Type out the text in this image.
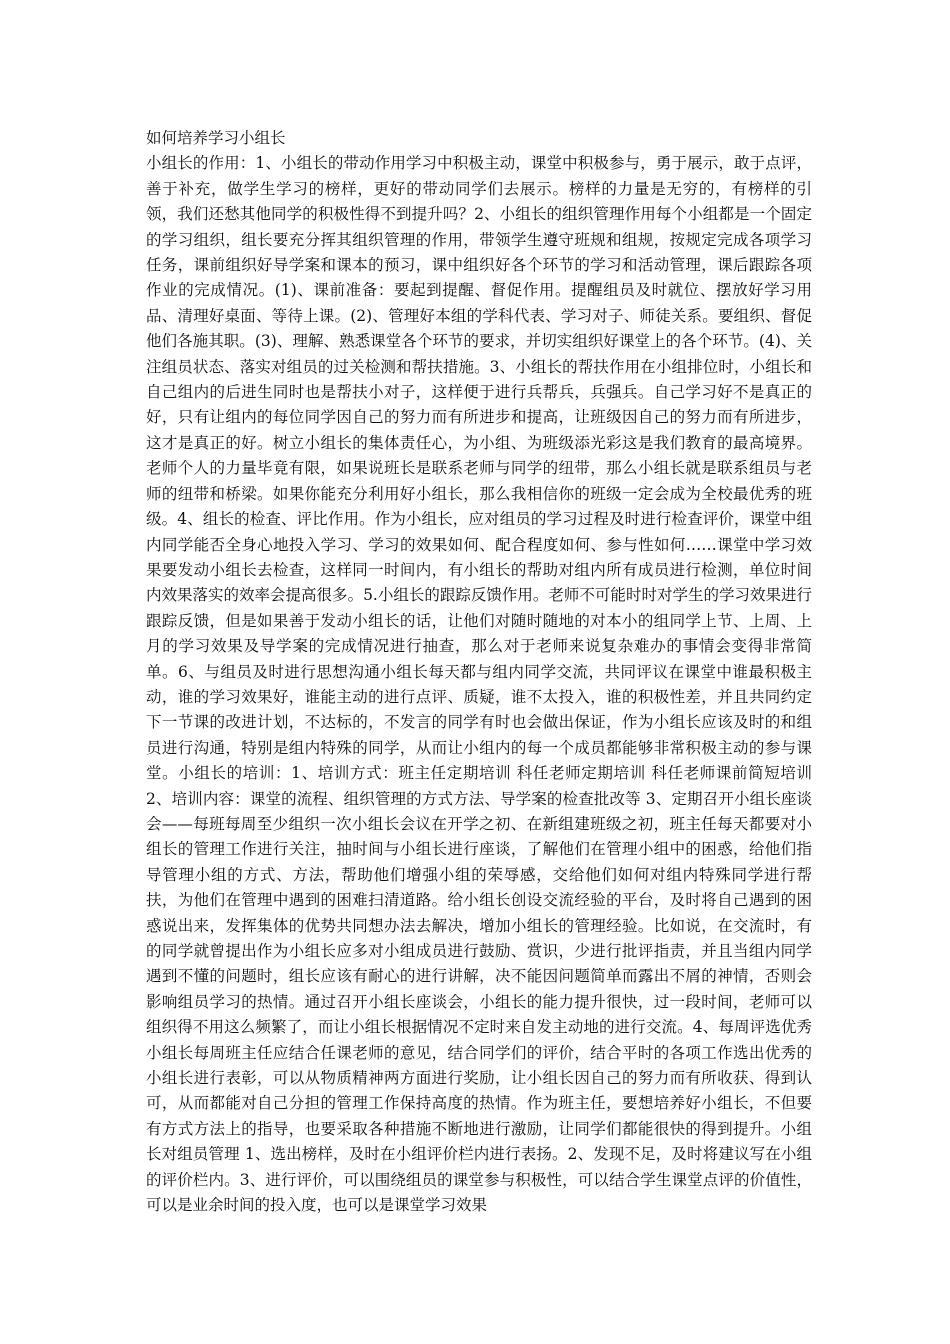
如何培养学习小组长

小组长的作用：1、小组长的带动作用学习中积极主动，课堂中积极参与，勇于展示，敢于点评，善于补充，做学生学习的榜样，更好的带动同学们去展示。榜样的力量是无穷的，有榜样的引领，我们还愁其他同学的积极性得不到提升吗？2、小组长的组织管理作用每个小组都是一个固定的学习组织，组长要充分挥其组织管理的作用，带领学生遵守班规和组规，按规定完成各项学习任务，课前组织好导学案和课本的预习，课中组织好各个环节的学习和活动管理，课后跟踪各项作业的完成情况。(1)、课前准备：要起到提醒、督促作用。提醒组员及时就位、摆放好学习用品、清理好桌面、等待上课。(2)、管理好本组的学科代表、学习对子、师徒关系。要组织、督促他们各施其职。(3)、理解、熟悉课堂各个环节的要求，并切实组织好课堂上的各个环节。(4)、关注组员状态、落实对组员的过关检测和帮扶措施。3、小组长的帮扶作用在小组排位时，小组长和自己组内的后进生同时也是帮扶小对子，这样便于进行兵帮兵，兵强兵。自己学习好不是真正的好，只有让组内的每位同学因自己的努力而有所进步和提高，让班级因自己的努力而有所进步，这才是真正的好。树立小组长的集体责任心，为小组、为班级添光彩这是我们教育的最高境界。老师个人的力量毕竟有限，如果说班长是联系老师与同学的纽带，那么小组长就是联系组员与老师的纽带和桥梁。如果你能充分利用好小组长，那么我相信你的班级一定会成为全校最优秀的班级。4、组长的检查、评比作用。作为小组长，应对组员的学习过程及时进行检查评价，课堂中组内同学能否全身心地投入学习、学习的效果如何、配合程度如何、参与性如何……课堂中学习效果要发动小组长去检查，这样同一时间内，有小组长的帮助对组内所有成员进行检测，单位时间内效果落实的效率会提高很多。5.小组长的跟踪反馈作用。老师不可能时时对学生的学习效果进行跟踪反馈，但是如果善于发动小组长的话，让他们对随时随地的对本小的组同学上节、上周、上月的学习效果及导学案的完成情况进行抽查，那么对于老师来说复杂难办的事情会变得非常简单。6、与组员及时进行思想沟通小组长每天都与组内同学交流，共同评议在课堂中谁最积极主动，谁的学习效果好，谁能主动的进行点评、质疑，谁不太投入，谁的积极性差，并且共同约定下一节课的改进计划，不达标的，不发言的同学有时也会做出保证，作为小组长应该及时的和组员进行沟通，特别是组内特殊的同学，从而让小组内的每一个成员都能够非常积极主动的参与课堂。小组长的培训：1、培训方式：班主任定期培训 科任老师定期培训 科任老师课前简短培训 2、培训内容：课堂的流程、组织管理的方式方法、导学案的检查批改等 3、定期召开小组长座谈会——每班每周至少组织一次小组长会议在开学之初、在新组建班级之初，班主任每天都要对小组长的管理工作进行关注，抽时间与小组长进行座谈，了解他们在管理小组中的困惑，给他们指导管理小组的方式、方法，帮助他们增强小组的荣辱感，交给他们如何对组内特殊同学进行帮扶，为他们在管理中遇到的困难扫清道路。给小组长创设交流经验的平台，及时将自己遇到的困惑说出来，发挥集体的优势共同想办法去解决，增加小组长的管理经验。比如说，在交流时，有的同学就曾提出作为小组长应多对小组成员进行鼓励、赏识，少进行批评指责，并且当组内同学遇到不懂的问题时，组长应该有耐心的进行讲解，决不能因问题简单而露出不屑的神情，否则会影响组员学习的热情。通过召开小组长座谈会，小组长的能力提升很快，过一段时间，老师可以组织得不用这么频繁了，而让小组长根据情况不定时来自发主动地的进行交流。4、每周评选优秀小组长每周班主任应结合任课老师的意见，结合同学们的评价，结合平时的各项工作选出优秀的小组长进行表彰，可以从物质精神两方面进行奖励，让小组长因自己的努力而有所收获、得到认可，从而都能对自己分担的管理工作保持高度的热情。作为班主任，要想培养好小组长，不但要有方式方法上的指导，也要采取各种措施不断地进行激励，让同学们都能很快的得到提升。小组长对组员管理 1、选出榜样，及时在小组评价栏内进行表扬。2、发现不足，及时将建议写在小组的评价栏内。3、进行评价，可以围绕组员的课堂参与积极性，可以结合学生课堂点评的价值性，可以是业余时间的投入度，也可以是课堂学习效果
